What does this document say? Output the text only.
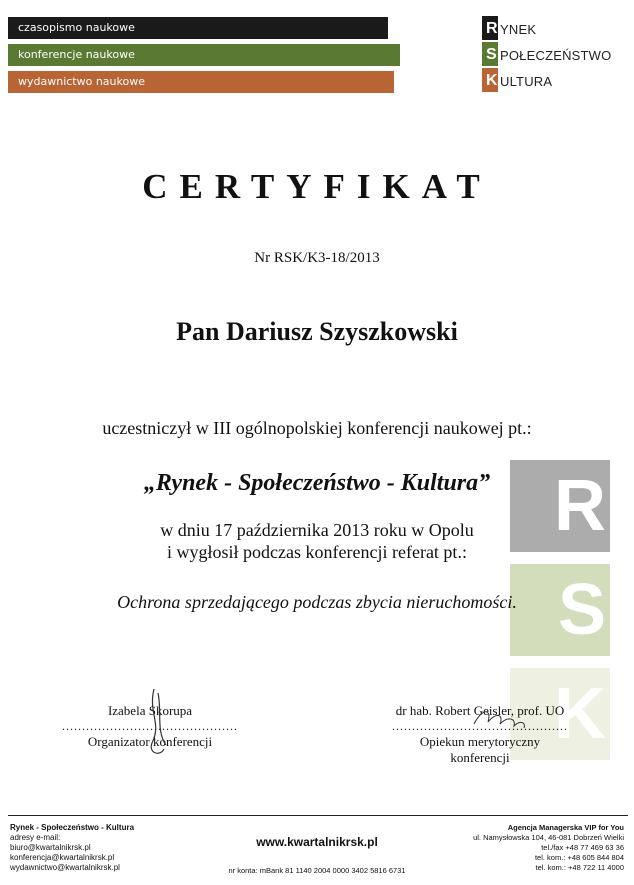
czasopismo naukowe
konferencje naukowe
wydawnictwo naukowe
R YNEK
S POŁECZEŃSTWO
K ULTURA
R
S
K
CERTYFIKAT
Nr RSK/K3-18/2013
Pan Dariusz Szyszkowski
uczestniczył w III ogólnopolskiej konferencji naukowej pt.:
„Rynek - Społeczeństwo - Kultura”
w dniu 17 października 2013 roku w Opolu
i wygłosił podczas konferencji referat pt.:
Ochrona sprzedającego podczas zbycia nieruchomości.
Izabela Skorupa
............................................
Organizator konferencji
dr hab. Robert Geisler, prof. UO
............................................
Opiekun merytoryczny
konferencji
Rynek - Społeczeństwo - Kultura
adresy e-mail:
biuro@kwartalnikrsk.pl
konferencja@kwartalnikrsk.pl
wydawnictwo@kwartalnikrsk.pl
www.kwartalnikrsk.pl
nr konta: mBank 81 1140 2004 0000 3402 5816 6731
Agencja Managerska VIP for You
ul. Namysłowska 104, 46-081 Dobrzeń Wielki
tel./fax +48 77 469 63 36
tel. kom.: +48 605 844 804
tel. kom.: +48 722 11 4000
